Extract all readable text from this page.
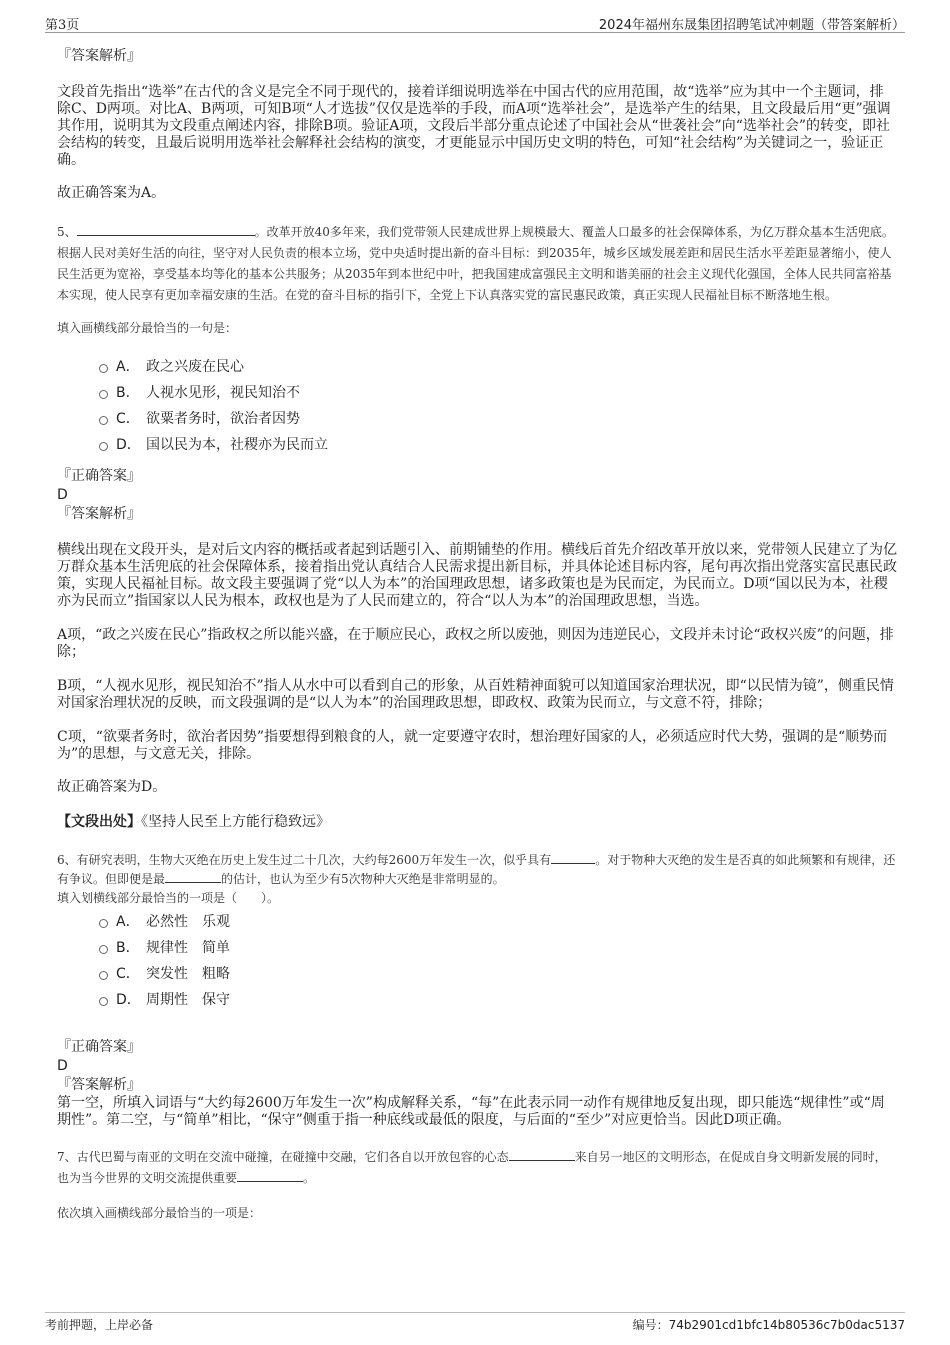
第3页	2024年福州东晟集团招聘笔试冲刺题（带答案解析）

『答案解析』

文段首先指出“选举”在古代的含义是完全不同于现代的，接着详细说明选举在中国古代的应用范围，故“选举”应为其中一个主题词，排除C、D两项。对比A、B两项，可知B项“人才选拔”仅仅是选举的手段，而A项“选举社会”，是选举产生的结果，且文段最后用“更”强调其作用，说明其为文段重点阐述内容，排除B项。验证A项，文段后半部分重点论述了中国社会从“世袭社会”向“选举社会”的转变，即社会结构的转变，且最后说明用选举社会解释社会结构的演变，才更能显示中国历史文明的特色，可知“社会结构”为关键词之一，验证正确。

故正确答案为A。

5、	。改革开放40多年来，我们党带领人民建成世界上规模最大、覆盖人口最多的社会保障体系，为亿万群众基本生活兜底。根据人民对美好生活的向往，坚守对人民负责的根本立场，党中央适时提出新的奋斗目标：到2035年，城乡区域发展差距和居民生活水平差距显著缩小，使人民生活更为宽裕，享受基本均等化的基本公共服务；从2035年到本世纪中叶，把我国建成富强民主文明和谐美丽的社会主义现代化强国，全体人民共同富裕基本实现，使人民享有更加幸福安康的生活。在党的奋斗目标的指引下，全党上下认真落实党的富民惠民政策，真正实现人民福祉目标不断落地生根。

填入画横线部分最恰当的一句是：

A． 政之兴废在民心
B． 人视水见形，视民知治不
C． 欲粟者务时，欲治者因势
D． 国以民为本，社稷亦为民而立

『正确答案』

D

『答案解析』

横线出现在文段开头，是对后文内容的概括或者起到话题引入、前期铺垫的作用。横线后首先介绍改革开放以来，党带领人民建立了为亿万群众基本生活兜底的社会保障体系，接着指出党认真结合人民需求提出新目标，并具体论述目标内容，尾句再次指出党落实富民惠民政策，实现人民福祉目标。故文段主要强调了党“以人为本”的治国理政思想，诸多政策也是为民而定，为民而立。D项“国以民为本，社稷亦为民而立”指国家以人民为根本，政权也是为了人民而建立的，符合“以人为本”的治国理政思想，当选。

A项，“政之兴废在民心”指政权之所以能兴盛，在于顺应民心，政权之所以废弛，则因为违逆民心，文段并未讨论“政权兴废”的问题，排除；

B项，“人视水见形，视民知治不”指人从水中可以看到自己的形象，从百姓精神面貌可以知道国家治理状况，即“以民情为镜”，侧重民情对国家治理状况的反映，而文段强调的是“以人为本”的治国理政思想，即政权、政策为民而立，与文意不符，排除；

C项，“欲粟者务时，欲治者因势”指要想得到粮食的人，就一定要遵守农时，想治理好国家的人，必须适应时代大势，强调的是“顺势而为”的思想，与文意无关，排除。

故正确答案为D。

【文段出处】《坚持人民至上方能行稳致远》

6、有研究表明，生物大灭绝在历史上发生过二十几次，大约每2600万年发生一次，似乎具有	。对于物种大灭绝的发生是否真的如此频繁和有规律，还有争议。但即便是最	的估计，也认为至少有5次物种大灭绝是非常明显的。

填入划横线部分最恰当的一项是（　　）。

A． 必然性　乐观
B． 规律性　简单
C． 突发性　粗略
D． 周期性　保守

『正确答案』

D

『答案解析』

第一空，所填入词语与“大约每2600万年发生一次”构成解释关系，“每”在此表示同一动作有规律地反复出现，即只能选“规律性”或“周期性”。第二空，与“简单”相比，“保守”侧重于指一种底线或最低的限度，与后面的“至少”对应更恰当。因此D项正确。

7、古代巴蜀与南亚的文明在交流中碰撞，在碰撞中交融，它们各自以开放包容的心态	来自另一地区的文明形态，在促成自身文明新发展的同时，也为当今世界的文明交流提供重要	。

依次填入画横线部分最恰当的一项是：

考前押题，上岸必备	编号：74b2901cd1bfc14b80536c7b0dac5137
